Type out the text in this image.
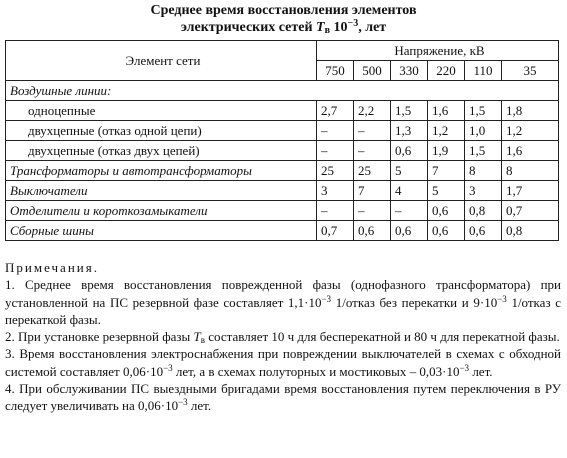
Среднее время восстановления элементов
электрических сетей $T_в$ $10^{-3}$, лет
Элемент сети	Напряжение, кВ					
	750	500	330	220	110	35
Воздушные линии:						
одноцепные	2,7	2,2	1,5	1,6	1,5	1,8
двухцепные (отказ одной цепи)	–	–	1,3	1,2	1,0	1,2
двухцепные (отказ двух цепей)	–	–	0,6	1,9	1,5	1,6
Трансформаторы и автотрансформаторы	25	25	5	7	8	8
Выключатели	3	7	4	5	3	1,7
Отделители и короткозамыкатели	–	–	–	0,6	0,8	0,7
Сборные шины	0,7	0,6	0,6	0,6	0,6	0,8
Примечания.

1. Среднее время восстановления поврежденной фазы (однофазного трансформатора) при установленной на ПС резервной фазе составляет $1,1\cdot 10^{-3}$ 1/отказ без перекатки и $9\cdot 10^{-3}$ 1/отказ с перекаткой фазы.

2. При установке резервной фазы $T_в$ составляет 10 ч для бесперекатной и 80 ч для перекатной фазы.

3. Время восстановления электроснабжения при повреждении выключателей в схемах с обходной системой составляет $0,06\cdot 10^{-3}$ лет, а в схемах полуторных и мостиковых – $0,03\cdot 10^{-3}$ лет.

4. При обслуживании ПС выездными бригадами время восстановления путем переключения в РУ следует увеличивать на $0,06\cdot 10^{-3}$ лет.
